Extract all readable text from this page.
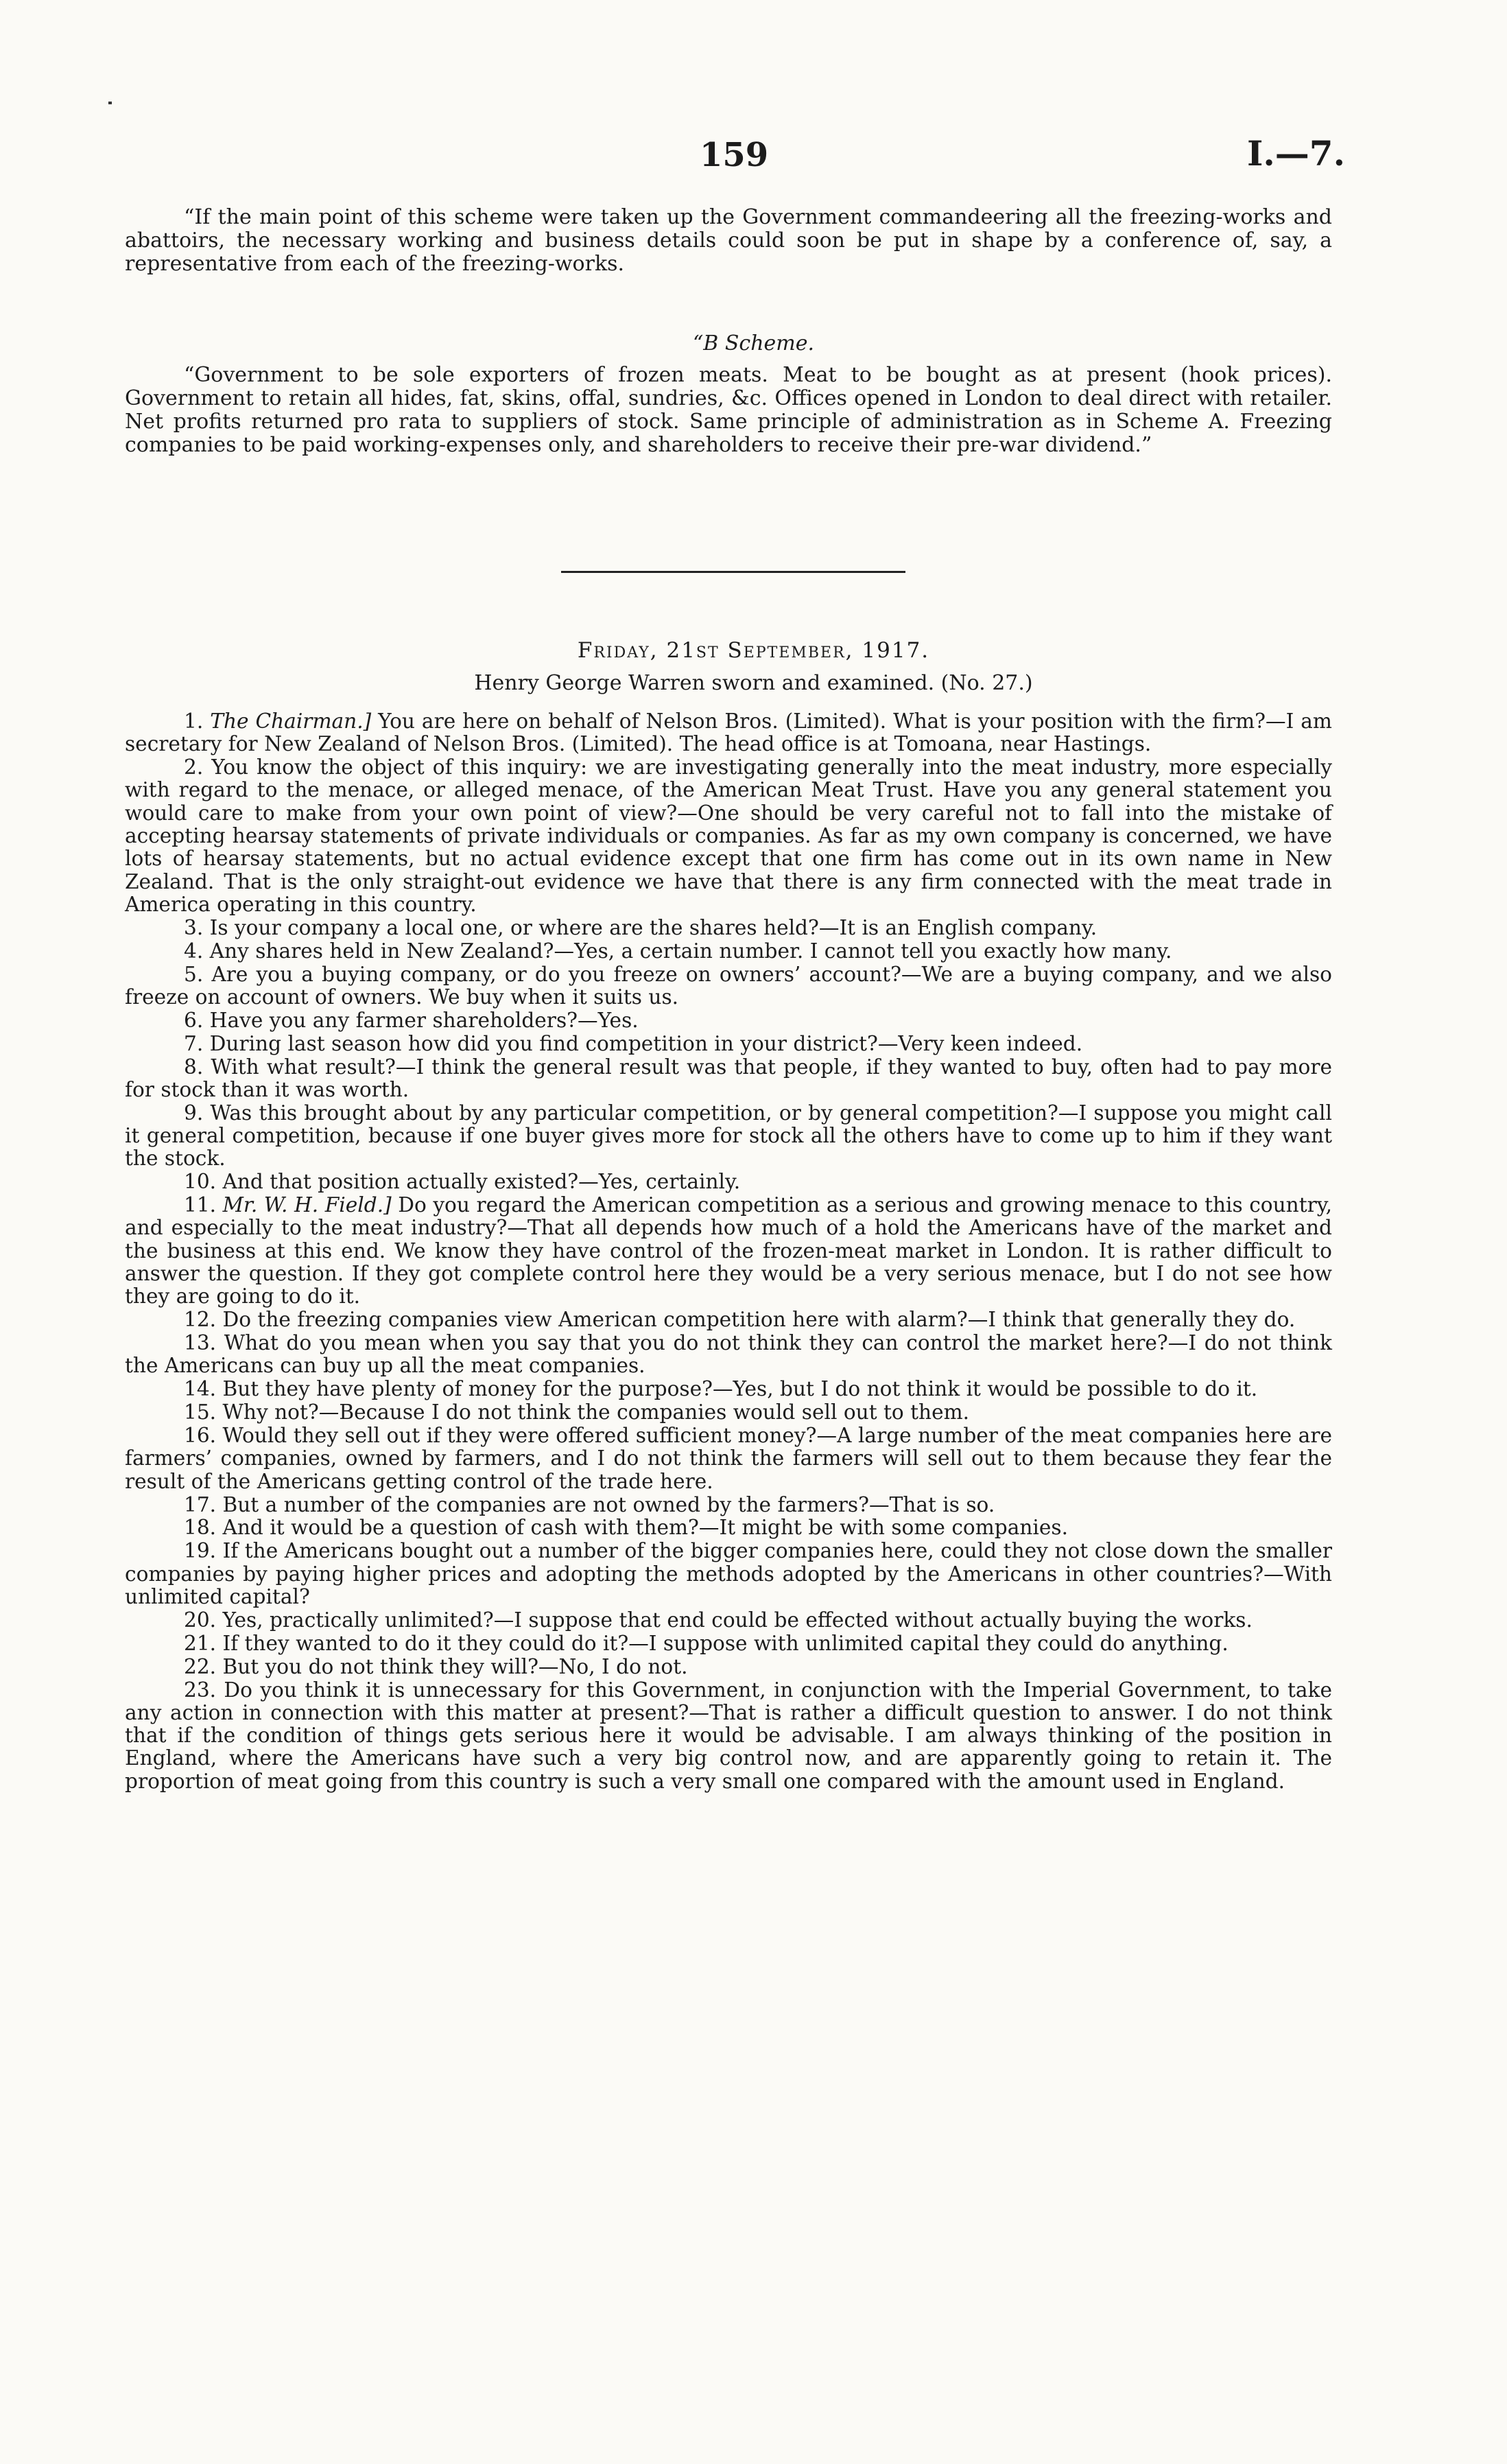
159	I.—7.

“If the main point of this scheme were taken up the Government commandeering all the freezing-works and abattoirs, the necessary working and business details could soon be put in shape by a conference of, say, a representative from each of the freezing-works.

“B Scheme.

“Government to be sole exporters of frozen meats. Meat to be bought as at present (hook prices). Government to retain all hides, fat, skins, offal, sundries, &c. Offices opened in London to deal direct with retailer. Net profits returned pro rata to suppliers of stock. Same principle of administration as in Scheme A. Freezing companies to be paid working-expenses only, and shareholders to receive their pre-war dividend.”

Friday, 21st September, 1917.
Henry George Warren sworn and examined. (No. 27.)

1. The Chairman.] You are here on behalf of Nelson Bros. (Limited). What is your position with the firm?—I am secretary for New Zealand of Nelson Bros. (Limited). The head office is at Tomoana, near Hastings.

2. You know the object of this inquiry: we are investigating generally into the meat industry, more especially with regard to the menace, or alleged menace, of the American Meat Trust. Have you any general statement you would care to make from your own point of view?—One should be very careful not to fall into the mistake of accepting hearsay statements of private individuals or companies. As far as my own company is concerned, we have lots of hearsay statements, but no actual evidence except that one firm has come out in its own name in New Zealand. That is the only straight-out evidence we have that there is any firm connected with the meat trade in America operating in this country.

3. Is your company a local one, or where are the shares held?—It is an English company.

4. Any shares held in New Zealand?—Yes, a certain number. I cannot tell you exactly how many.

5. Are you a buying company, or do you freeze on owners’ account?—We are a buying company, and we also freeze on account of owners. We buy when it suits us.

6. Have you any farmer shareholders?—Yes.

7. During last season how did you find competition in your district?—Very keen indeed.

8. With what result?—I think the general result was that people, if they wanted to buy, often had to pay more for stock than it was worth.

9. Was this brought about by any particular competition, or by general competition?—I suppose you might call it general competition, because if one buyer gives more for stock all the others have to come up to him if they want the stock.

10. And that position actually existed?—Yes, certainly.

11. Mr. W. H. Field.] Do you regard the American competition as a serious and growing menace to this country, and especially to the meat industry?—That all depends how much of a hold the Americans have of the market and the business at this end. We know they have control of the frozen-meat market in London. It is rather difficult to answer the question. If they got complete control here they would be a very serious menace, but I do not see how they are going to do it.

12. Do the freezing companies view American competition here with alarm?—I think that generally they do.

13. What do you mean when you say that you do not think they can control the market here?—I do not think the Americans can buy up all the meat companies.

14. But they have plenty of money for the purpose?—Yes, but I do not think it would be possible to do it.

15. Why not?—Because I do not think the companies would sell out to them.

16. Would they sell out if they were offered sufficient money?—A large number of the meat companies here are farmers’ companies, owned by farmers, and I do not think the farmers will sell out to them because they fear the result of the Americans getting control of the trade here.

17. But a number of the companies are not owned by the farmers?—That is so.

18. And it would be a question of cash with them?—It might be with some companies.

19. If the Americans bought out a number of the bigger companies here, could they not close down the smaller companies by paying higher prices and adopting the methods adopted by the Americans in other countries?—With unlimited capital?

20. Yes, practically unlimited?—I suppose that end could be effected without actually buying the works.

21. If they wanted to do it they could do it?—I suppose with unlimited capital they could do anything.

22. But you do not think they will?—No, I do not.

23. Do you think it is unnecessary for this Government, in conjunction with the Imperial Government, to take any action in connection with this matter at present?—That is rather a difficult question to answer. I do not think that if the condition of things gets serious here it would be advisable. I am always thinking of the position in England, where the Americans have such a very big control now, and are apparently going to retain it. The proportion of meat going from this country is such a very small one compared with the amount used in England.
